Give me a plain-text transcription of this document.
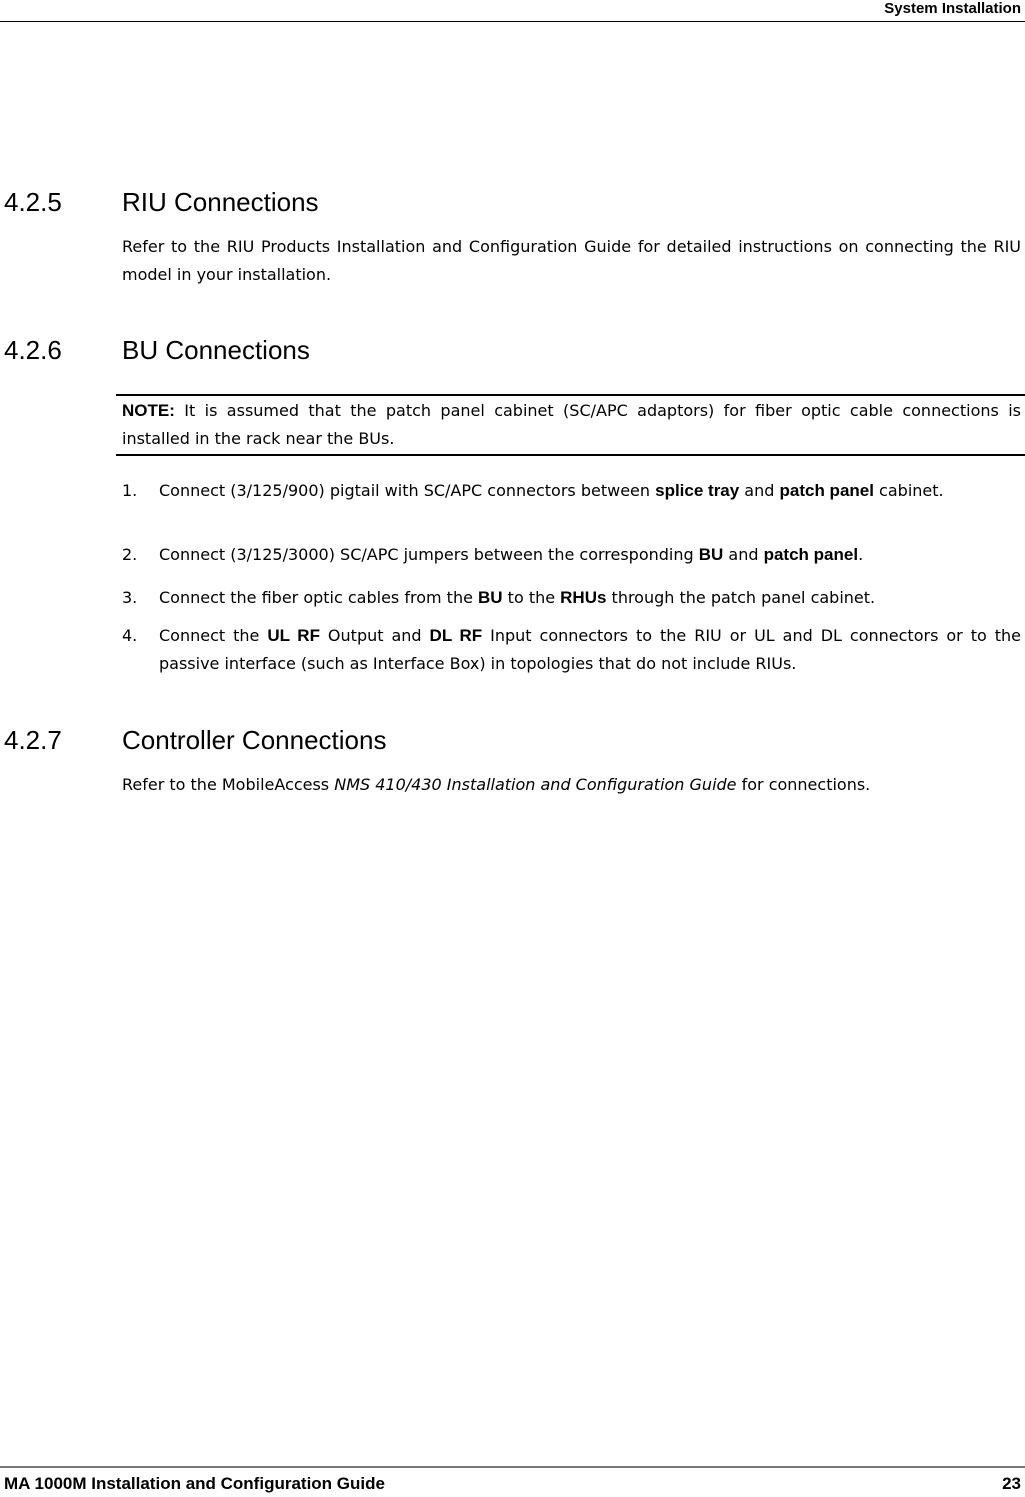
System Installation
4.2.5 RIU Connections
Refer to the RIU Products Installation and Configuration Guide for detailed instructions on connecting the RIU model in your installation.
4.2.6 BU Connections
NOTE: It is assumed that the patch panel cabinet (SC/APC adaptors) for fiber optic cable connections is installed in the rack near the BUs.
1. Connect (3/125/900) pigtail with SC/APC connectors between splice tray and patch panel cabinet.
2. Connect (3/125/3000) SC/APC jumpers between the corresponding BU and patch panel.
3. Connect the fiber optic cables from the BU to the RHUs through the patch panel cabinet.
4. Connect the UL RF Output and DL RF Input connectors to the RIU or UL and DL connectors or to the passive interface (such as Interface Box) in topologies that do not include RIUs.
4.2.7 Controller Connections
Refer to the MobileAccess NMS 410/430 Installation and Configuration Guide for connections.
MA 1000M Installation and Configuration Guide	23
